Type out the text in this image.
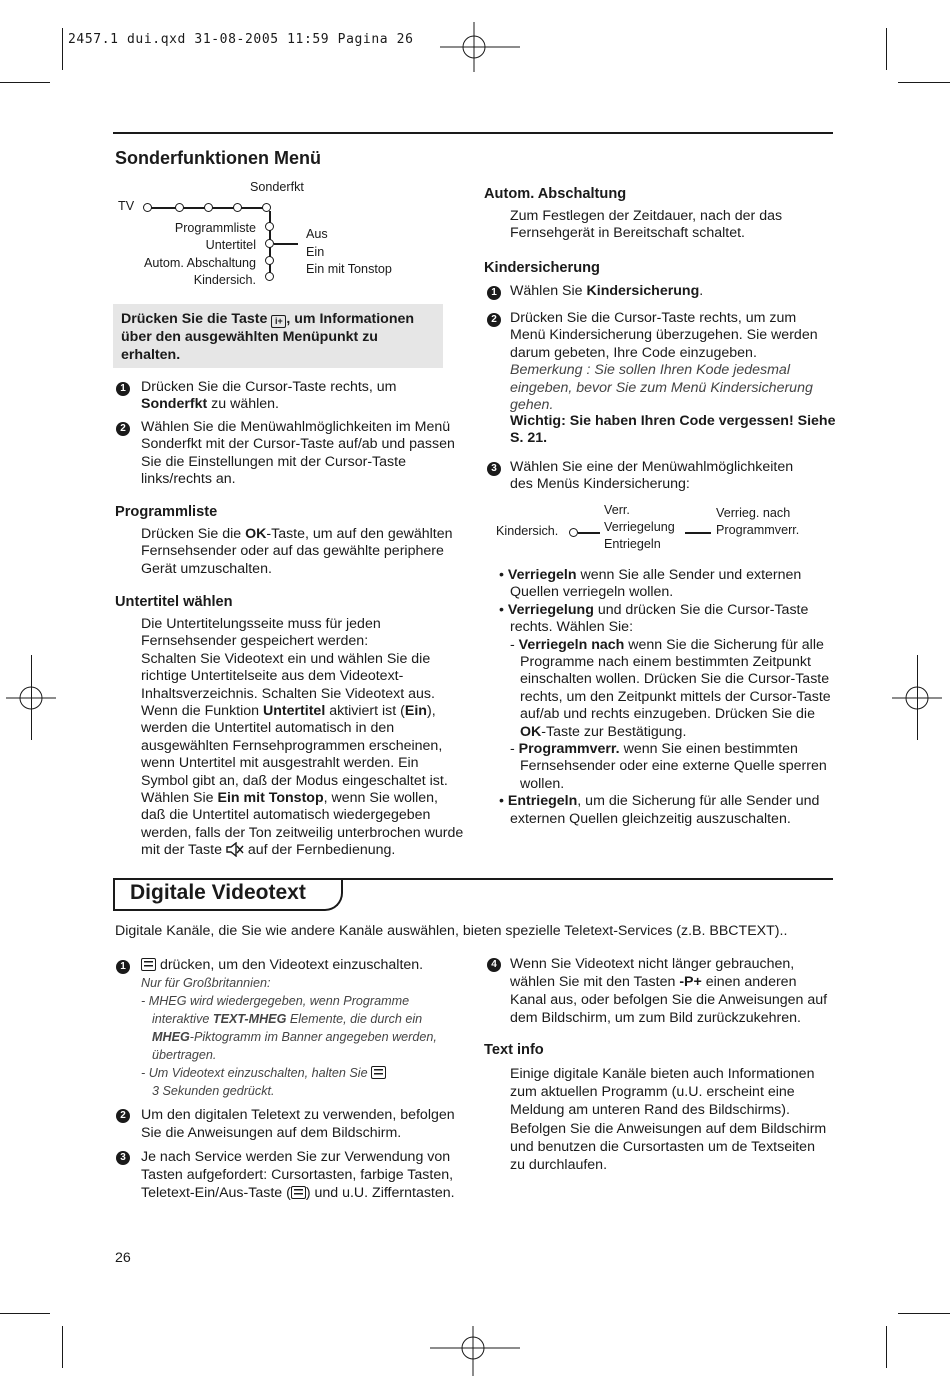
2457.1 dui.qxd 31-08-2005 11:59 Pagina 26
Sonderfunktionen Menü
Sonderfkt
TV
Programmliste
Untertitel
Autom. Abschaltung
Kindersich.
Aus
Ein
Ein mit Tonstop
Drücken Sie die Taste i+ , um Informationen über den ausgewählten Menüpunkt zu erhalten.
1 Drücken Sie die Cursor-Taste rechts, um
Sonderfkt zu wählen.
2 Wählen Sie die Menüwahlmöglichkeiten im Menü Sonderfkt mit der Cursor-Taste auf/ab und passen Sie die Einstellungen mit der Cursor-Taste links/rechts an.
Programmliste
Drücken Sie die OK-Taste, um auf den gewählten Fernsehsender oder auf das gewählte periphere Gerät umzuschalten.
Untertitel wählen
Die Untertitelungsseite muss für jeden Fernsehsender gespeichert werden:
Schalten Sie Videotext ein und wählen Sie die richtige Untertitelseite aus dem Videotext-Inhaltsverzeichnis. Schalten Sie Videotext aus.
Wenn die Funktion Untertitel aktiviert ist (Ein), werden die Untertitel automatisch in den ausgewählten Fernsehprogrammen erscheinen, wenn Untertitel mit ausgestrahlt werden. Ein Symbol gibt an, daß der Modus eingeschaltet ist.
Wählen Sie Ein mit Tonstop, wenn Sie wollen, daß die Untertitel automatisch wiedergegeben werden, falls der Ton zeitweilig unterbrochen wurde mit der Taste  auf der Fernbedienung.
Autom. Abschaltung
Zum Festlegen der Zeitdauer, nach der das Fernsehgerät in Bereitschaft schaltet.
Kindersicherung
1 Wählen Sie Kindersicherung.
2 Drücken Sie die Cursor-Taste rechts, um zum Menü Kindersicherung überzugehen. Sie werden darum gebeten, Ihre Code einzugeben.
Bemerkung : Sie sollen Ihren Kode jedesmal eingeben, bevor Sie zum Menü Kindersicherung gehen.
Wichtig: Sie haben Ihren Code vergessen! Siehe S. 21.
3 Wählen Sie eine der Menüwahlmöglichkeiten des Menüs Kindersicherung:
Kindersich.
Verr.
Verriegelung
Entriegeln
Verrieg. nach
Programmverr.
• Verriegeln wenn Sie alle Sender und externen Quellen verriegeln wollen.
• Verriegelung und drücken Sie die Cursor-Taste rechts. Wählen Sie:
- Verriegeln nach wenn Sie die Sicherung für alle Programme nach einem bestimmten Zeitpunkt einschalten wollen. Drücken Sie die Cursor-Taste rechts, um den Zeitpunkt mittels der Cursor-Taste auf/ab und rechts einzugeben. Drücken Sie die OK-Taste zur Bestätigung.
- Programmverr. wenn Sie einen bestimmten Fernsehsender oder eine externe Quelle sperren wollen.
• Entriegeln, um die Sicherung für alle Sender und externen Quellen gleichzeitig auszuschalten.
Digitale Videotext
Digitale Kanäle, die Sie wie andere Kanäle auswählen, bieten spezielle Teletext-Services (z.B. BBCTEXT)..
1	drücken, um den Videotext einzuschalten.
Nur für Großbritannien:
- MHEG wird wiedergegeben, wenn Programme interaktive TEXT-MHEG Elemente, die durch ein MHEG-Piktogramm im Banner angegeben werden, übertragen.
- Um Videotext einzuschalten, halten Sie
3 Sekunden gedrückt.
2 Um den digitalen Teletext zu verwenden, befolgen Sie die Anweisungen auf dem Bildschirm.
3 Je nach Service werden Sie zur Verwendung von Tasten aufgefordert: Cursortasten, farbige Tasten, Teletext-Ein/Aus-Taste ( ) und u.U. Zifferntasten.
4 Wenn Sie Videotext nicht länger gebrauchen, wählen Sie mit den Tasten -P+ einen anderen Kanal aus, oder befolgen Sie die Anweisungen auf dem Bildschirm, um zum Bild zurückzukehren.
Text info
Einige digitale Kanäle bieten auch Informationen zum aktuellen Programm (u.U. erscheint eine Meldung am unteren Rand des Bildschirms). Befolgen Sie die Anweisungen auf dem Bildschirm und benutzen die Cursortasten um de Textseiten zu durchlaufen.
26
